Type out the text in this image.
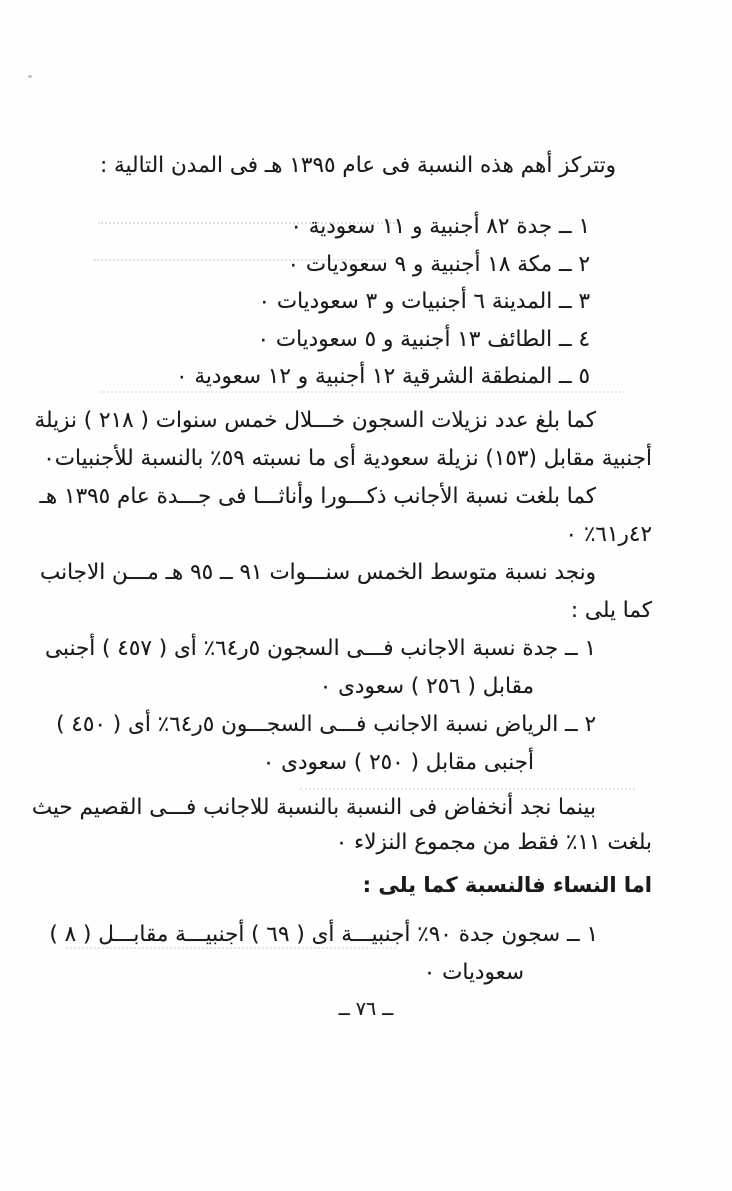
وتتركز أهم هذه النسبة فى عام ١٣٩٥ هـ فى المدن التالية :

١ ــ جدة ٨٢ أجنبية و ١١ سعودية ٠
٢ ــ مكة ١٨ أجنبية و ٩ سعوديات ٠
٣ ــ المدينة ٦ أجنبيات و ٣ سعوديات ٠
٤ ــ الطائف ١٣ أجنبية و ٥ سعوديات ٠
٥ ــ المنطقة الشرقية ١٢ أجنبية و ١٢ سعودية ٠
كما بلغ عدد نزيلات السجون خـــلال خمس سنوات ( ٢١٨ ) نزيلة
أجنبية مقابل (١٥٣) نزيلة سعودية أى ما نسبته ٥٩٪ بالنسبة للأجنبيات٠
كما بلغت نسبة الأجانب ذكـــورا وأناثـــا فى جـــدة عام ١٣٩٥ هـ
٤٢ر٦١٪ ٠
ونجد نسبة متوسط الخمس سنـــوات ٩١ ــ ٩٥ هـ مـــن الاجانب
كما يلى :
١ ــ جدة نسبة الاجانب فـــى السجون ٥ر٦٤٪ أى ( ٤٥٧ ) أجنبى
مقابل ( ٢٥٦ ) سعودى ٠
٢ ــ الرياض نسبة الاجانب فـــى السجـــون ٥ر٦٤٪ أى ( ٤٥٠ )
أجنبى مقابل ( ٢٥٠ ) سعودى ٠
بينما نجد أنخفاض فى النسبة بالنسبة للاجانب فـــى القصيم حيث
بلغت ١١٪ فقط من مجموع النزلاء ٠

اما النساء فالنسبة كما يلى :

١ ــ سجون جدة ٩٠٪ أجنبيـــة أى ( ٦٩ ) أجنبيـــة مقابـــل ( ٨ )
سعوديات ٠
ــ ٧٦ ــ
